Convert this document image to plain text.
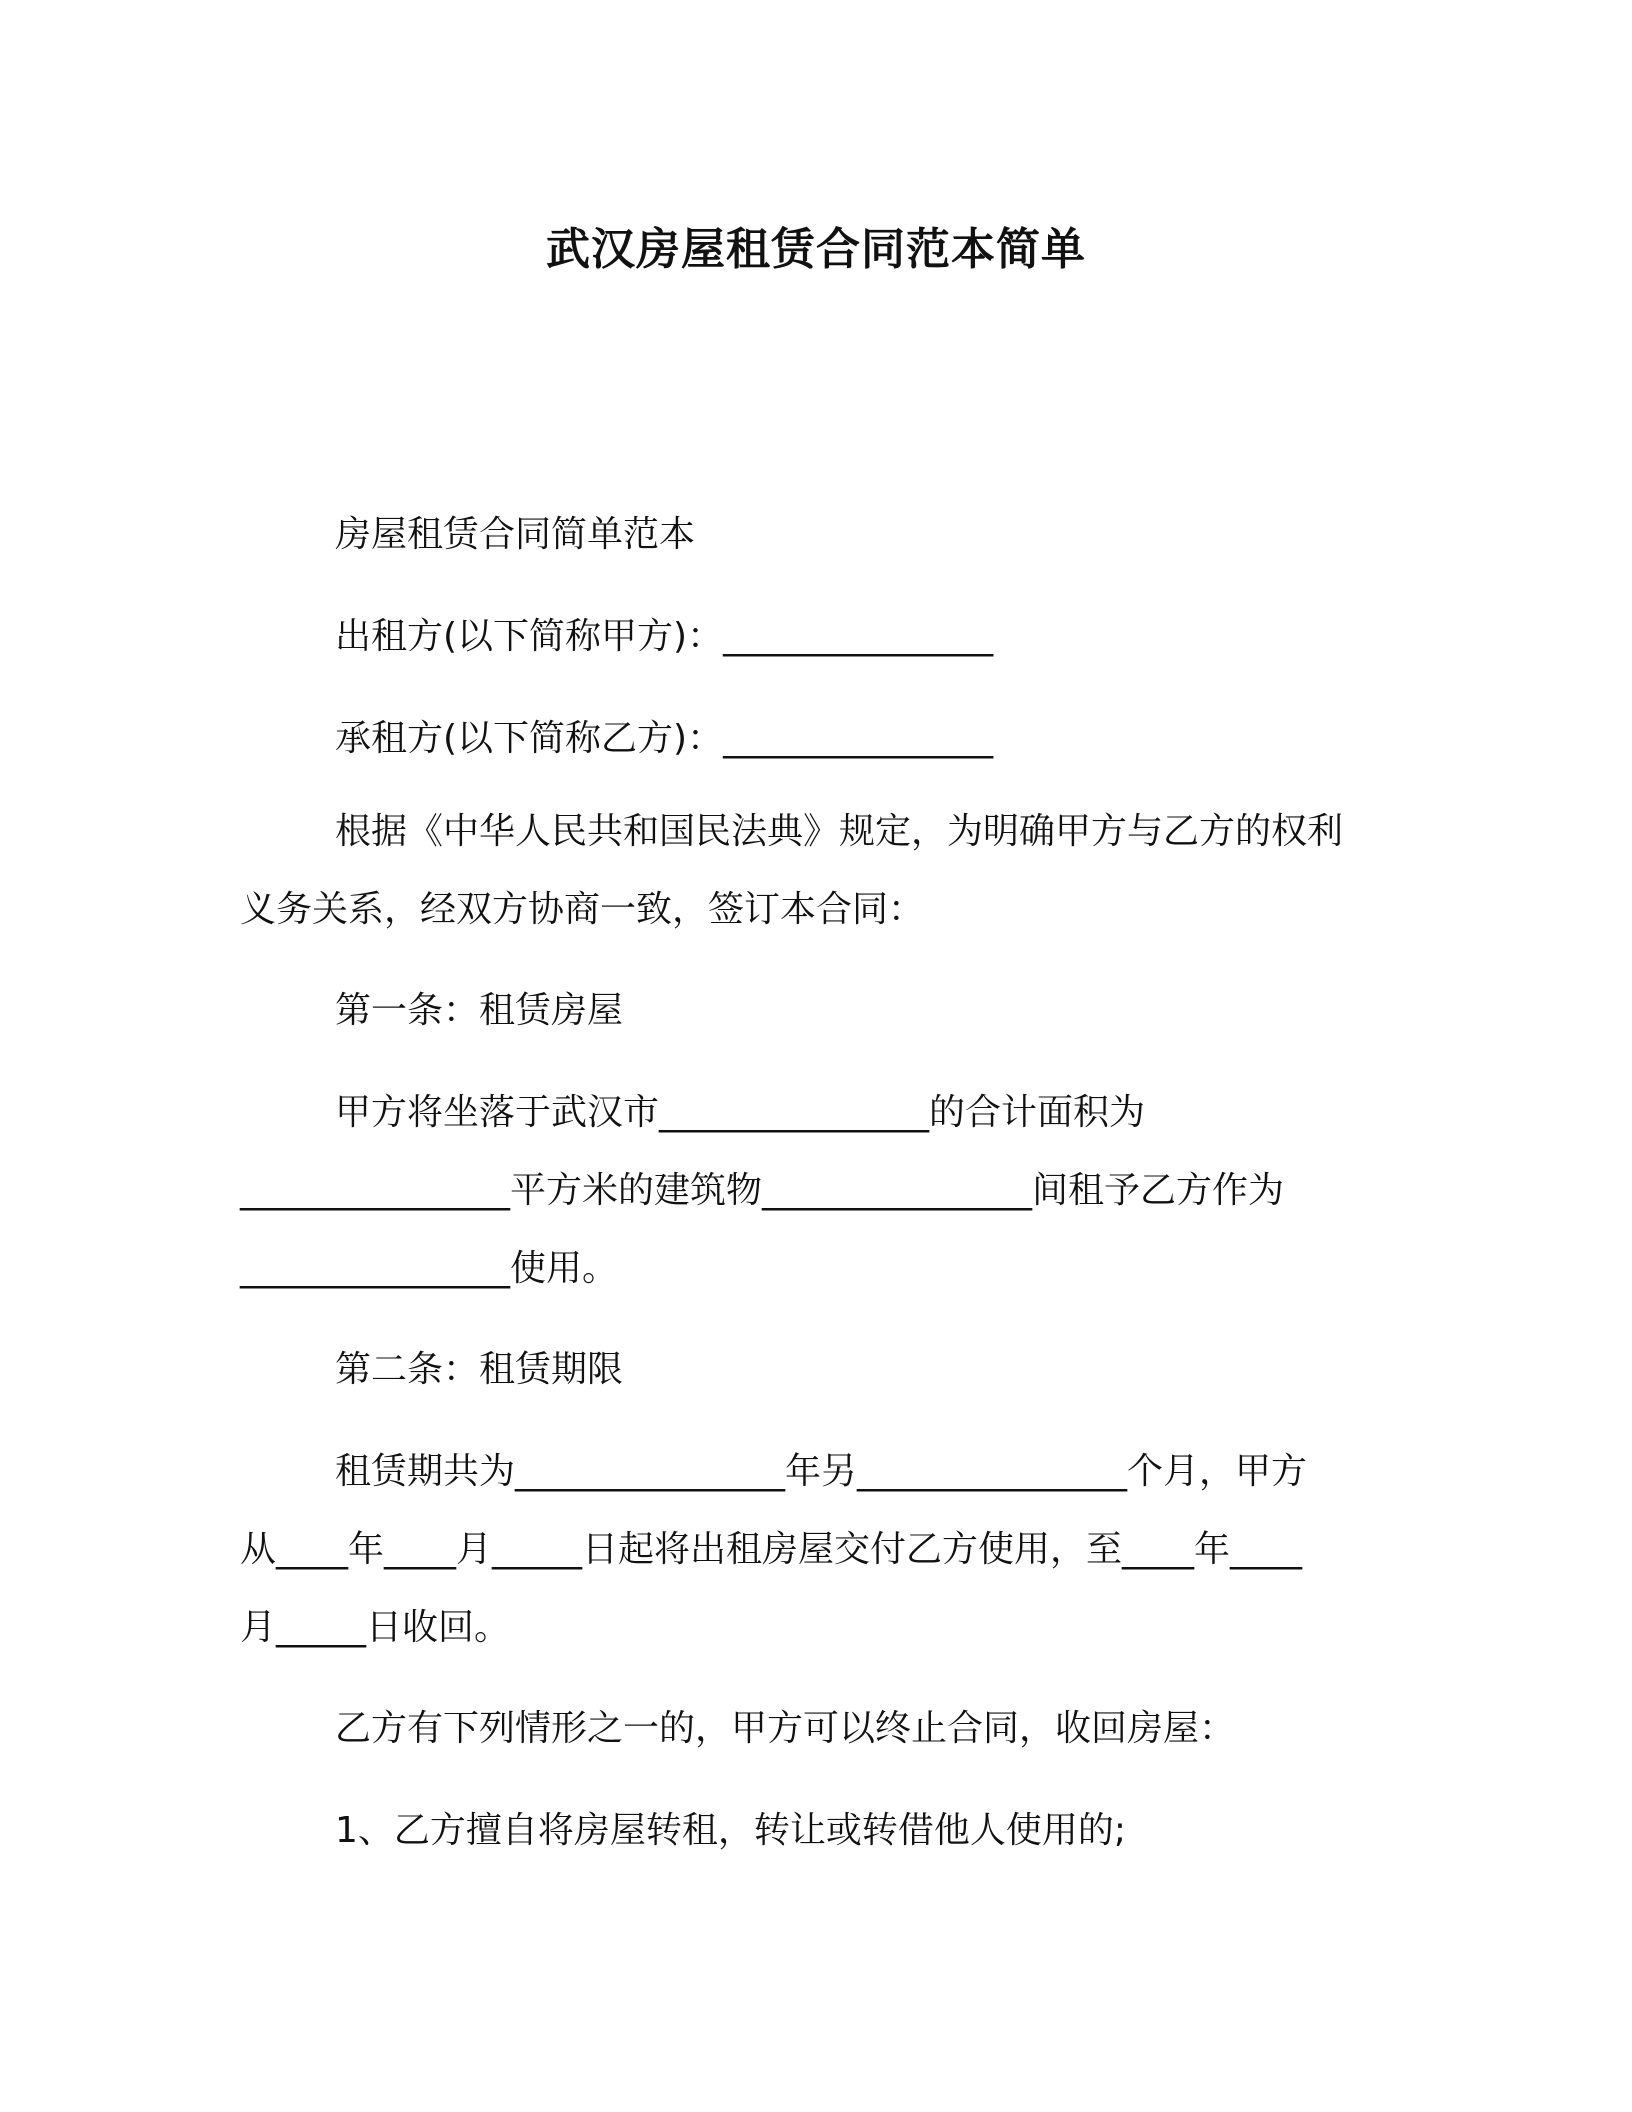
武汉房屋租赁合同范本简单
房屋租赁合同简单范本
出租方(以下简称甲方)：_______________
承租方(以下简称乙方)：_______________
根据《中华人民共和国民法典》规定，为明确甲方与乙方的权利
义务关系，经双方协商一致，签订本合同：
第一条：租赁房屋
甲方将坐落于武汉市_______________的合计面积为
_______________平方米的建筑物_______________间租予乙方作为
_______________使用。
第二条：租赁期限
租赁期共为_______________年另_______________个月，甲方
从____年____月_____日起将出租房屋交付乙方使用，至____年____
月_____日收回。
乙方有下列情形之一的，甲方可以终止合同，收回房屋：
1、乙方擅自将房屋转租，转让或转借他人使用的;
